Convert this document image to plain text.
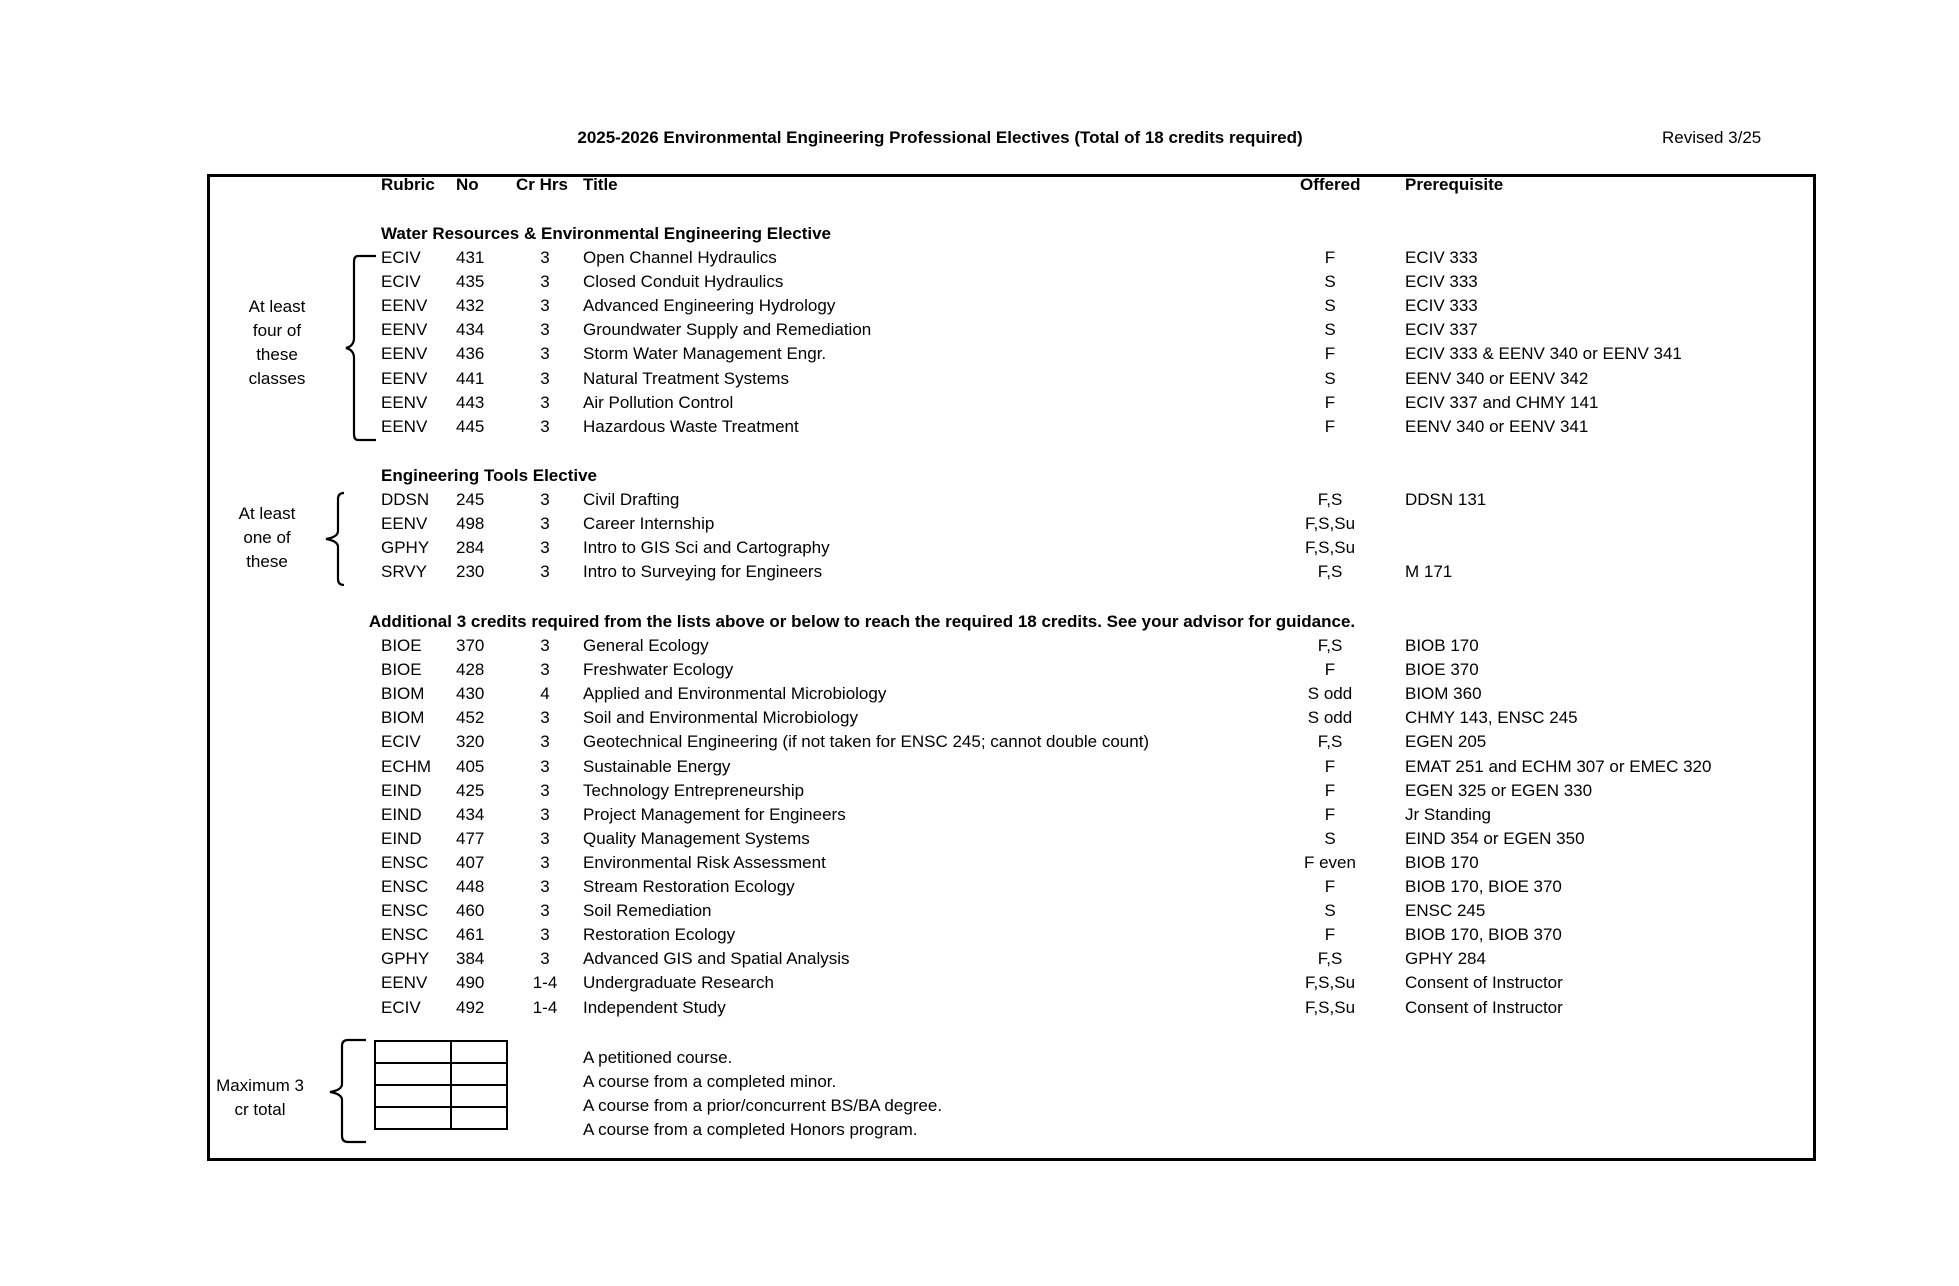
2025-2026 Environmental Engineering Professional Electives (Total of 18 credits required)	Revised 3/25
Rubric No Cr Hrs Title	Offered	Prerequisite
Water Resources & Environmental Engineering Elective
ECIV 431	3	Open Channel Hydraulics	F	ECIV 333
ECIV 435	3	Closed Conduit Hydraulics	S	ECIV 333
EENV 432	3	Advanced Engineering Hydrology	S	ECIV 333
EENV 434	3	Groundwater Supply and Remediation	S	ECIV 337
EENV 436	3	Storm Water Management Engr.	F	ECIV 333 & EENV 340 or EENV 341
EENV 441	3	Natural Treatment Systems	S	EENV 340 or EENV 342
EENV 443	3	Air Pollution Control	F	ECIV 337 and CHMY 141
EENV 445	3	Hazardous Waste Treatment	F	EENV 340 or EENV 341
At least
four of
these
classes
Engineering Tools Elective
DDSN 245	3	Civil Drafting	F,S	DDSN 131
EENV 498	3	Career Internship	F,S,Su
GPHY 284	3	Intro to GIS Sci and Cartography	F,S,Su
SRVY 230	3	Intro to Surveying for Engineers	F,S	M 171
At least
one of
these
Additional 3 credits required from the lists above or below to reach the required 18 credits. See your advisor for guidance.
BIOE 370	3	General Ecology	F,S	BIOB 170
BIOE 428	3	Freshwater Ecology	F	BIOE 370
BIOM 430	4	Applied and Environmental Microbiology	S odd	BIOM 360
BIOM 452	3	Soil and Environmental Microbiology	S odd	CHMY 143, ENSC 245
ECIV 320	3	Geotechnical Engineering (if not taken for ENSC 245; cannot double count)	F,S	EGEN 205
ECHM 405	3	Sustainable Energy	F	EMAT 251 and ECHM 307 or EMEC 320
EIND 425	3	Technology Entrepreneurship	F	EGEN 325 or EGEN 330
EIND 434	3	Project Management for Engineers	F	Jr Standing
EIND 477	3	Quality Management Systems	S	EIND 354 or EGEN 350
ENSC 407	3	Environmental Risk Assessment	F even	BIOB 170
ENSC 448	3	Stream Restoration Ecology	F	BIOB 170, BIOE 370
ENSC 460	3	Soil Remediation	S	ENSC 245
ENSC 461	3	Restoration Ecology	F	BIOB 170, BIOB 370
GPHY 384	3	Advanced GIS and Spatial Analysis	F,S	GPHY 284
EENV 490	1-4 Undergraduate Research	F,S,Su	Consent of Instructor
ECIV 492	1-4 Independent Study	F,S,Su	Consent of Instructor
Maximum 3
cr total

A petitioned course.
A course from a completed minor.
A course from a prior/concurrent BS/BA degree.
A course from a completed Honors program.
